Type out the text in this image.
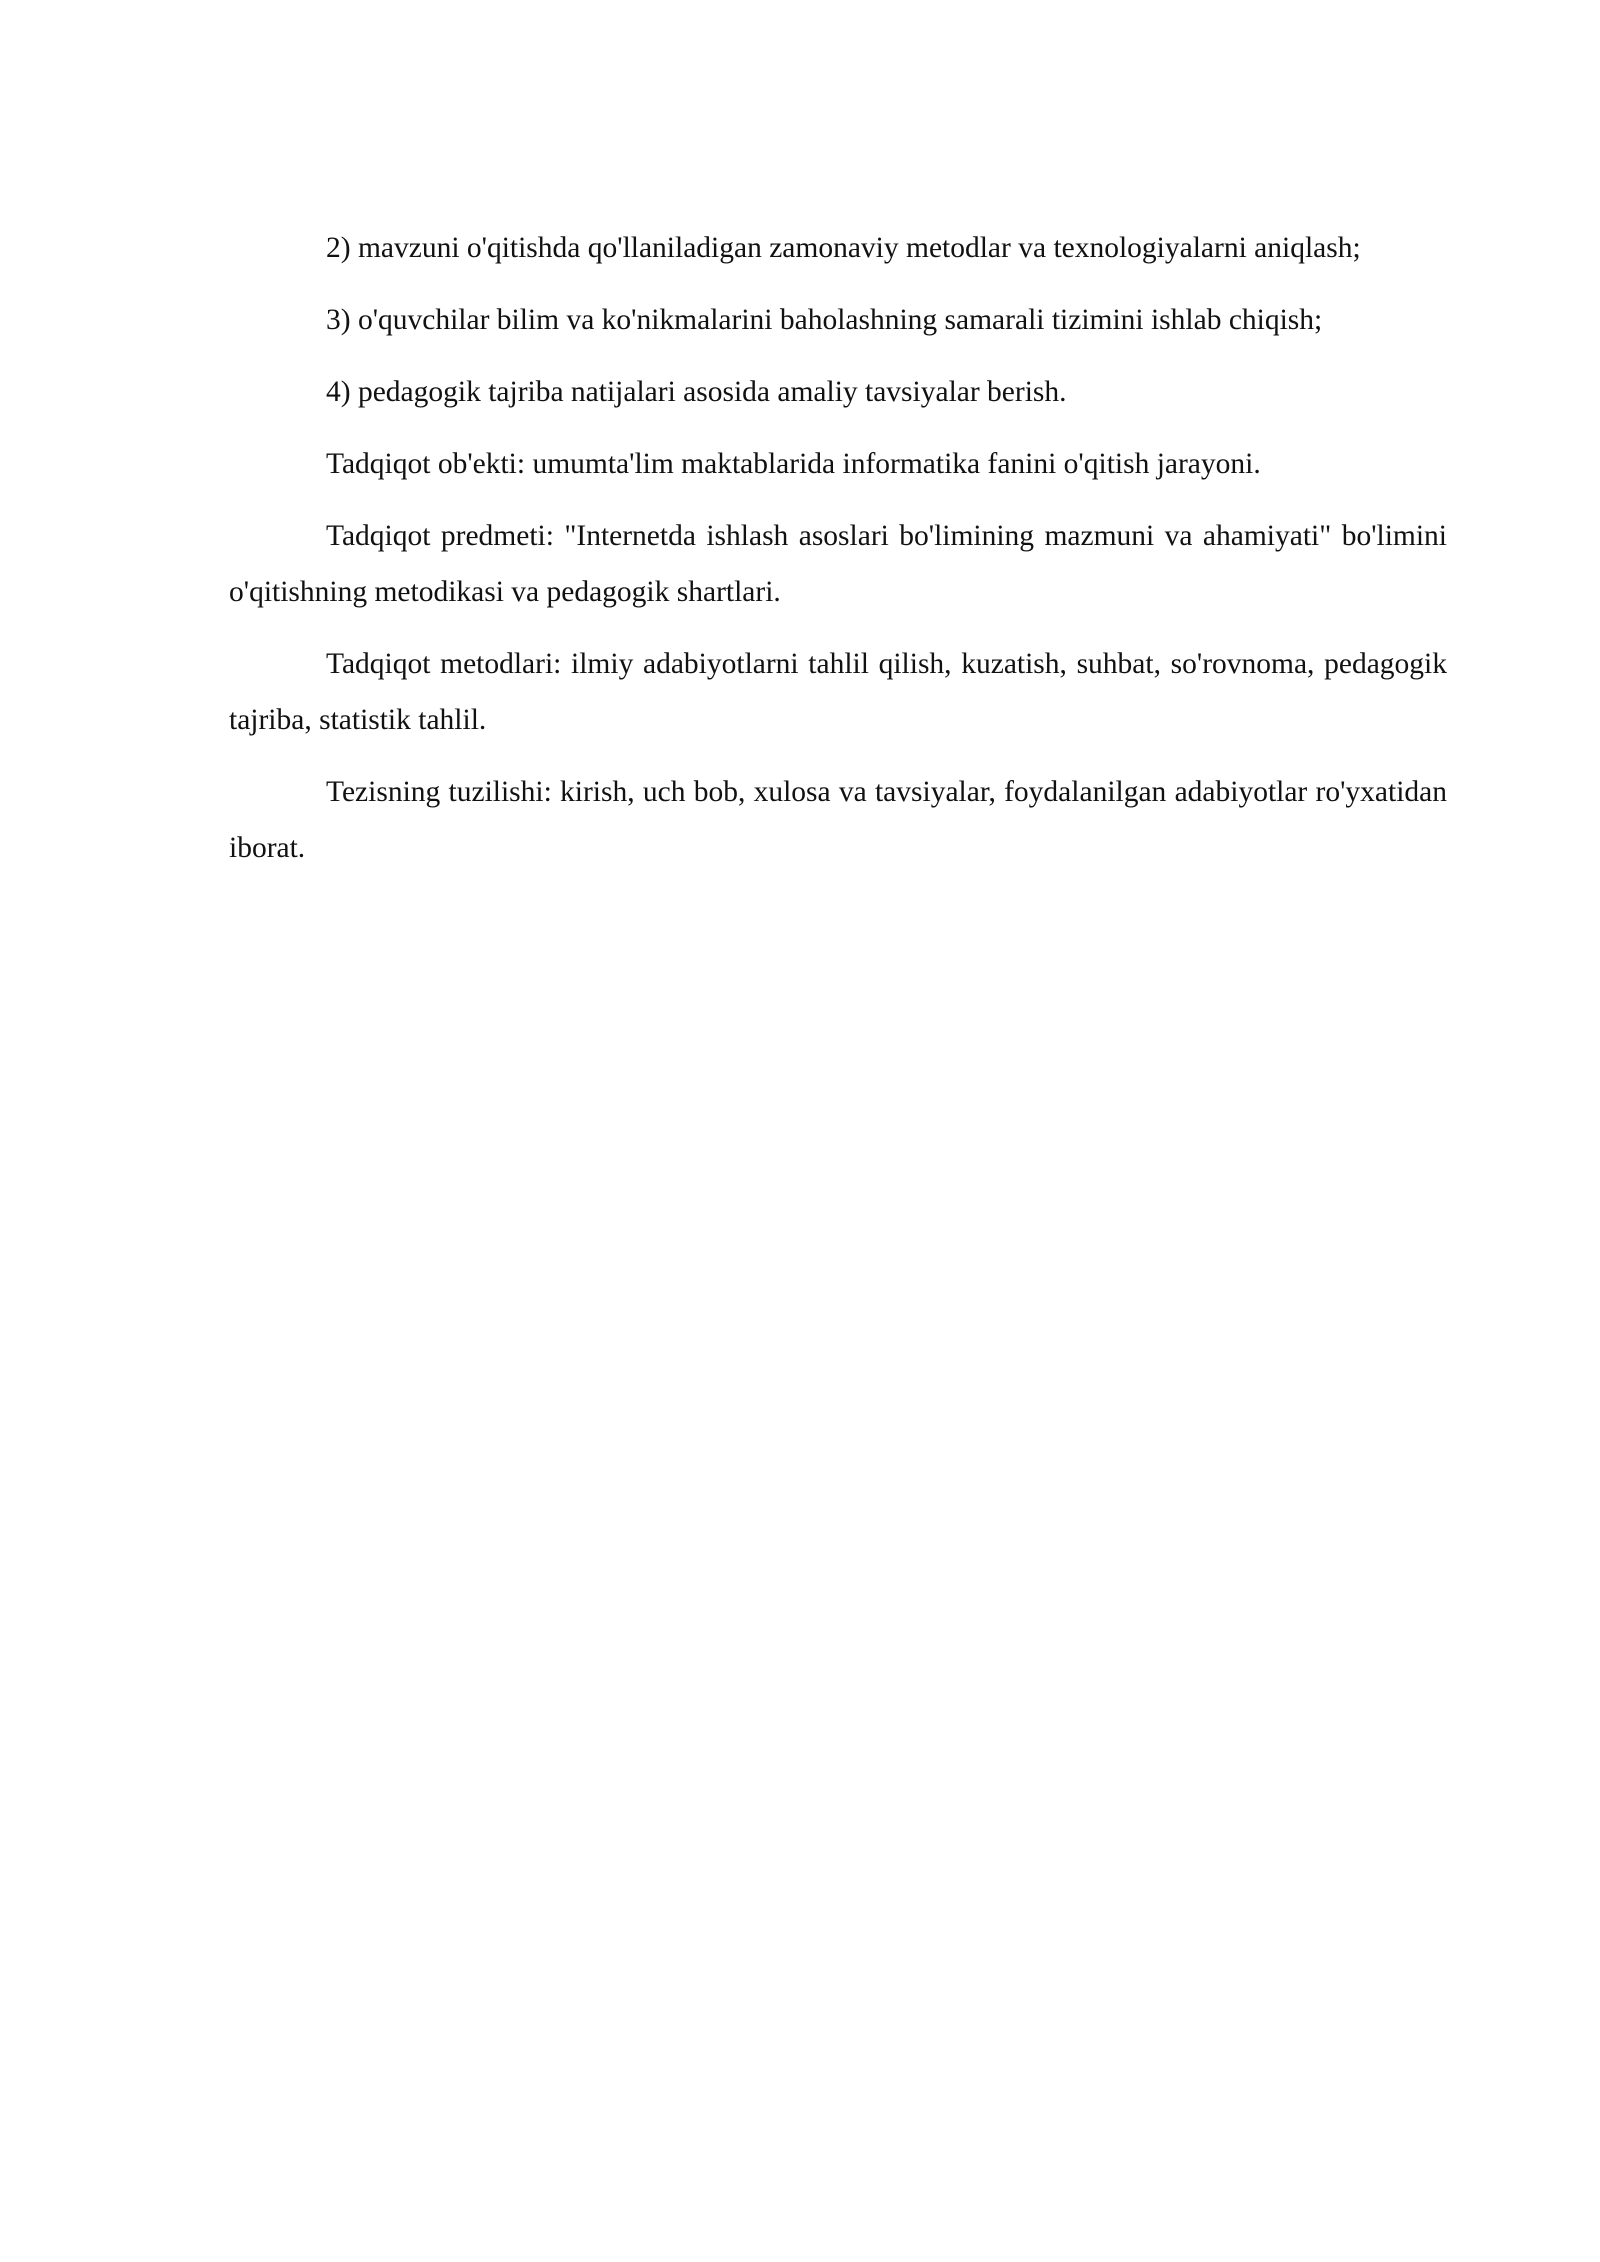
2) mavzuni o'qitishda qo'llaniladigan zamonaviy metodlar va texnologiyalarni aniqlash;

3) o'quvchilar bilim va ko'nikmalarini baholashning samarali tizimini ishlab chiqish;

4) pedagogik tajriba natijalari asosida amaliy tavsiyalar berish.

Tadqiqot ob'ekti: umumta'lim maktablarida informatika fanini o'qitish jarayoni.

Tadqiqot predmeti: "Internetda ishlash asoslari bo'limining mazmuni va ahamiyati" bo'limini o'qitishning metodikasi va pedagogik shartlari.

Tadqiqot metodlari: ilmiy adabiyotlarni tahlil qilish, kuzatish, suhbat, so'rovnoma, pedagogik tajriba, statistik tahlil.

Tezisning tuzilishi: kirish, uch bob, xulosa va tavsiyalar, foydalanilgan adabiyotlar ro'yxatidan iborat.
